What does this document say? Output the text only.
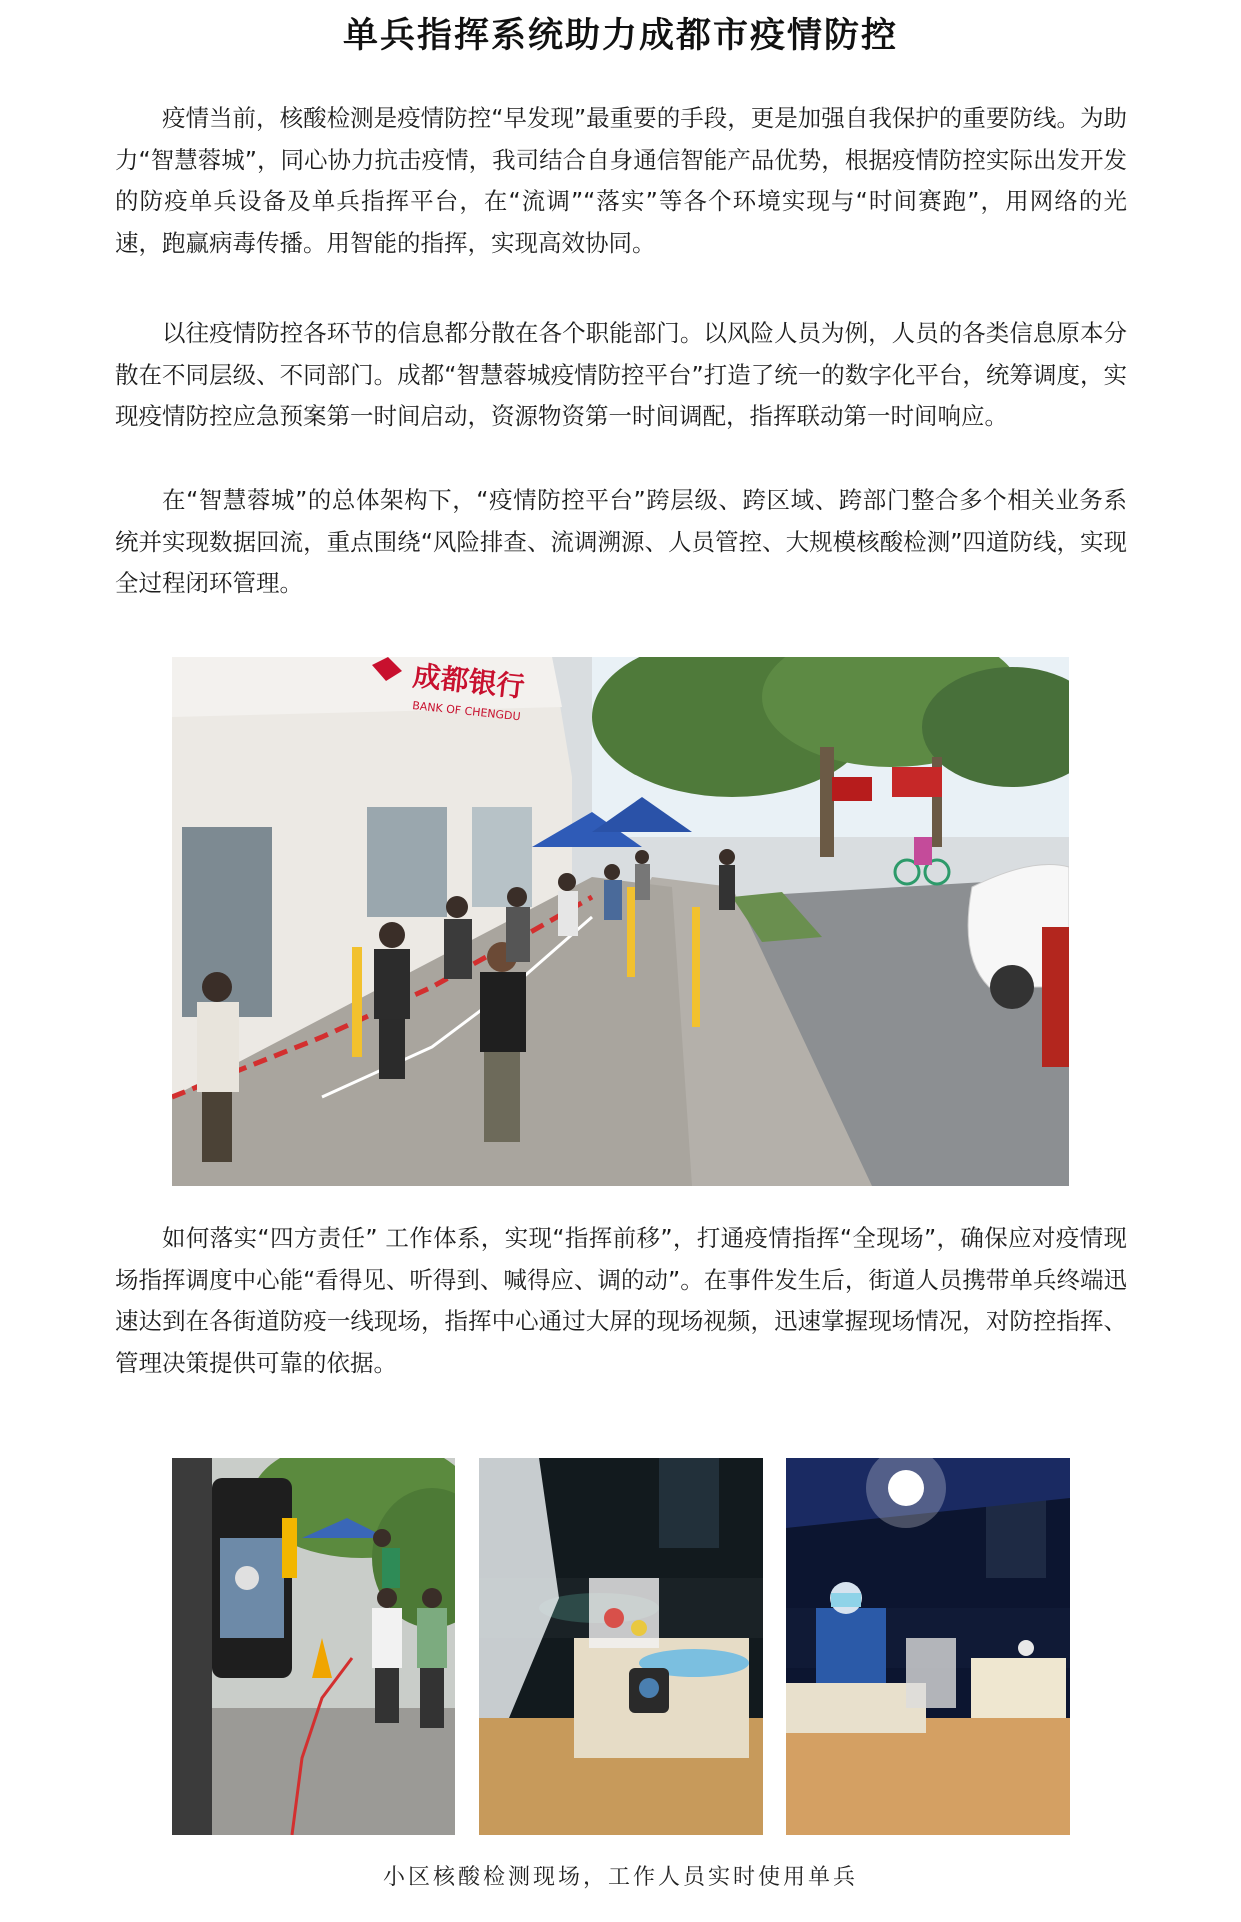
单兵指挥系统助力成都市疫情防控

疫情当前，核酸检测是疫情防控“早发现”最重要的手段，更是加强自我保护的重要防线。为助力“智慧蓉城”，同心协力抗击疫情，我司结合自身通信智能产品优势，根据疫情防控实际出发开发的防疫单兵设备及单兵指挥平台，在“流调”“落实”等各个环境实现与“时间赛跑”，用网络的光速，跑赢病毒传播。用智能的指挥，实现高效协同。

以往疫情防控各环节的信息都分散在各个职能部门。以风险人员为例，人员的各类信息原本分散在不同层级、不同部门。成都“智慧蓉城疫情防控平台”打造了统一的数字化平台，统筹调度，实现疫情防控应急预案第一时间启动，资源物资第一时间调配，指挥联动第一时间响应。

在“智慧蓉城”的总体架构下，“疫情防控平台”跨层级、跨区域、跨部门整合多个相关业务系统并实现数据回流，重点围绕“风险排查、流调溯源、人员管控、大规模核酸检测”四道防线，实现全过程闭环管理。

成都银行
BANK OF CHENGDU

如何落实“四方责任” 工作体系，实现“指挥前移”，打通疫情指挥“全现场”，确保应对疫情现场指挥调度中心能“看得见、听得到、喊得应、调的动”。在事件发生后，街道人员携带单兵终端迅速达到在各街道防疫一线现场，指挥中心通过大屏的现场视频，迅速掌握现场情况，对防控指挥、管理决策提供可靠的依据。

小区核酸检测现场，工作人员实时使用单兵
